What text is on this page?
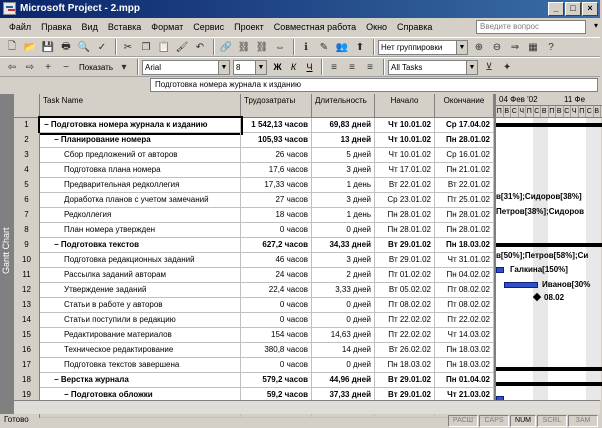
Microsoft Project - 2.mpp	_	□	×
Файл	Правка	Вид	Вставка	Формат	Сервис	Проект	Совместная работа	Окно	Справка	Введите вопрос	▾
🗋 📂 💾 🖶 🔍 ✓	✂ ❐ 📋 🖌 ↶	🔗 ⛓ ⛓ ⇔	ℹ	✎ 👥 ⬆	Нет группировки	▼ ⊕ ⊖ ⇒ ▦	?
⇦ ⇨	+	−	Показать ▾	Arial	▼	8	▼ Ж	К	Ч	≡	≡	≡	All Tasks	▼ ⊻	✦
Подготовка номера журнала к изданию
Gantt Chart
Task Name	Трудозатраты	Длительность	Начало	Окончание
1	− Подготовка номера журнала к изданию	1 542,13 часов	69,83 дней	Чт 10.01.02	Ср 17.04.02
2	− Планирование номера	105,93 часов	13 дней	Чт 10.01.02	Пн 28.01.02
3	Сбор предложений от авторов	26 часов	5 дней	Чт 10.01.02	Ср 16.01.02
4	Подготовка плана номера	17,6 часов	3 дней	Чт 17.01.02	Пн 21.01.02
5	Предварительная редколлегия	17,33 часов	1 день	Вт 22.01.02	Вт 22.01.02
6	Доработка планов с учетом замечаний	27 часов	3 дней	Ср 23.01.02	Пт 25.01.02
7	Редколлегия	18 часов	1 день	Пн 28.01.02	Пн 28.01.02
8	План номера утвержден	0 часов	0 дней	Пн 28.01.02	Пн 28.01.02
9	− Подготовка текстов	627,2 часов	34,33 дней	Вт 29.01.02	Пн 18.03.02
10	Подготовка редакционных заданий	46 часов	3 дней	Вт 29.01.02	Чт 31.01.02
11	Рассылка заданий авторам	24 часов	2 дней	Пт 01.02.02	Пн 04.02.02
12	Утверждение заданий	22,4 часов	3,33 дней	Вт 05.02.02	Пт 08.02.02
13	Статьи в работе у авторов	0 часов	0 дней	Пт 08.02.02	Пт 08.02.02
14	Статьи поступили в редакцию	0 часов	0 дней	Пт 22.02.02	Пт 22.02.02
15	Редактирование материалов	154 часов	14,63 дней	Пт 22.02.02	Чт 14.03.02
16	Техническое редактирование	380,8 часов	14 дней	Вт 26.02.02	Пн 18.03.02
17	Подготовка текстов завершена	0 часов	0 дней	Пн 18.03.02	Пн 18.03.02
18	− Верстка журнала	579,2 часов	44,96 дней	Вт 29.01.02	Пн 01.04.02
19	− Подготовка обложки	59,2 часов	37,33 дней	Вт 29.01.02	Чт 21.03.02
04 Фев '02	11 Фе
П В С Ч П С В П В С Ч П С В
в[31%];Сидоров[38%]
Петров[38%];Сидоров
в[50%];Петров[58%];Си
Галкина[150%]
Иванов[30%
08.02
Готово	РАСШ	CAPS	NUM	SCRL	ЗАМ
